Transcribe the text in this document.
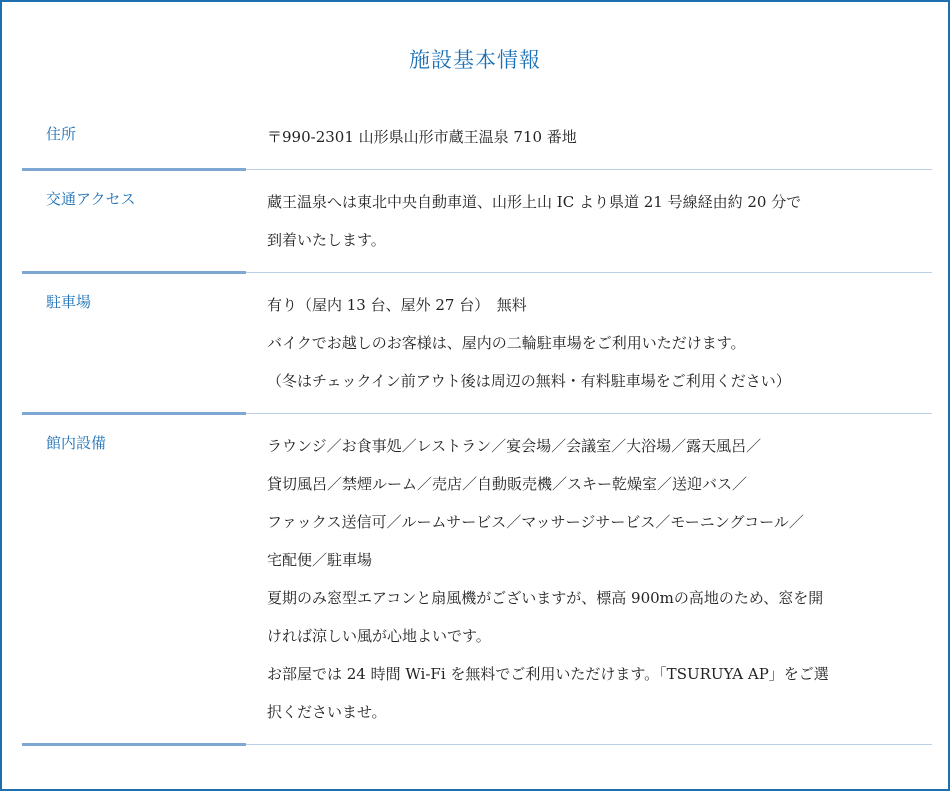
施設基本情報
住所	〒990-2301 山形県山形市蔵王温泉 710 番地
交通アクセス	蔵王温泉へは東北中央自動車道、山形上山 IC より県道 21 号線経由約 20 分で
到着いたします。
駐車場	有り（屋内 13 台、屋外 27 台）　無料
バイクでお越しのお客様は、屋内の二輪駐車場をご利用いただけます。
（冬はチェックイン前アウト後は周辺の無料・有料駐車場をご利用ください）
館内設備	ラウンジ／お食事処／レストラン／宴会場／会議室／大浴場／露天風呂／
貸切風呂／禁煙ルーム／売店／自動販売機／スキー乾燥室／送迎バス／
ファックス送信可／ルームサービス／マッサージサービス／モーニングコール／
宅配便／駐車場
夏期のみ窓型エアコンと扇風機がございますが、標高 900mの高地のため、窓を開
ければ涼しい風が心地よいです。
お部屋では 24 時間 Wi-Fi を無料でご利用いただけます。「TSURUYA AP」をご選
択くださいませ。
